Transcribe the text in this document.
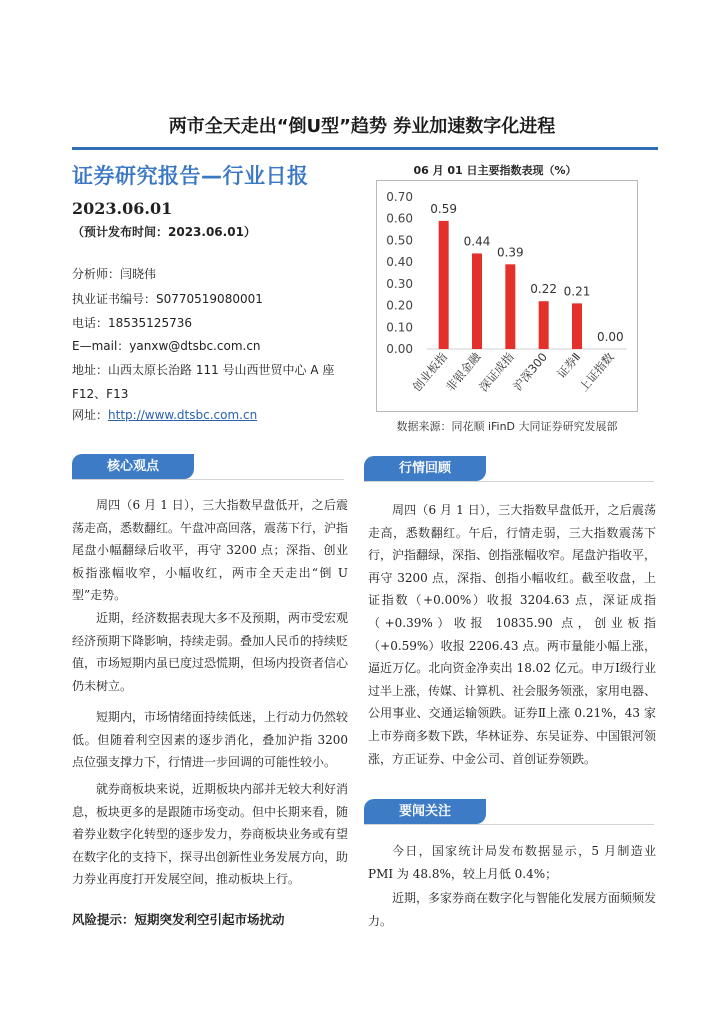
两市全天走出“倒U型”趋势 券业加速数字化进程
证券研究报告—行业日报
2023.06.01
（预计发布时间：2023.06.01）
分析师：闫晓伟
执业证书编号：S0770519080001
电话：18535125736
E—mail：yanxw@dtsbc.com.cn
地址：山西太原长治路 111 号山西世贸中心 A 座
F12、F13
网址：http://www.dtsbc.com.cn
06 月 01 日主要指数表现（%）
0.70
0.60
0.50
0.40
0.30
0.20
0.10
0.00
0.59
创业板指
0.44
非银金融
0.39
深证成指
0.22
沪深300
0.21
证券Ⅱ
0.00
上证指数
数据来源：同花顺 iFinD 大同证券研究发展部
核心观点
周四（6 月 1 日），三大指数早盘低开，之后震荡走高，悉数翻红。午盘冲高回落，震荡下行，沪指尾盘小幅翻绿后收平，再守 3200 点；深指、创业板指涨幅收窄，小幅收红，两市全天走出“倒 U 型”走势。
近期，经济数据表现大多不及预期，两市受宏观经济预期下降影响，持续走弱。叠加人民币的持续贬值，市场短期内虽已度过恐慌期，但场内投资者信心仍未树立。
短期内，市场情绪面持续低迷，上行动力仍然较低。但随着利空因素的逐步消化，叠加沪指 3200 点位强支撑力下，行情进一步回调的可能性较小。
就券商板块来说，近期板块内部并无较大利好消息，板块更多的是跟随市场变动。但中长期来看，随着券业数字化转型的逐步发力，券商板块业务或有望在数字化的支持下，探寻出创新性业务发展方向，助力券业再度打开发展空间，推动板块上行。
风险提示：短期突发利空引起市场扰动
行情回顾
周四（6 月 1 日），三大指数早盘低开，之后震荡走高，悉数翻红。午后，行情走弱，三大指数震荡下行，沪指翻绿，深指、创指涨幅收窄。尾盘沪指收平，再守 3200 点，深指、创指小幅收红。截至收盘，上证指数（+0.00%）收报 3204.63 点，深证成指（+0.39%）收报 10835.90 点，创业板指（+0.59%）收报 2206.43 点。两市量能小幅上涨，逼近万亿。北向资金净卖出 18.02 亿元。申万Ⅰ级行业过半上涨，传媒、计算机、社会服务领涨，家用电器、公用事业、交通运输领跌。证券Ⅱ上涨 0.21%，43 家上市券商多数下跌，华林证券、东吴证券、中国银河领涨，方正证券、中金公司、首创证券领跌。
要闻关注
今日，国家统计局发布数据显示，5 月制造业 PMI 为 48.8%，较上月低 0.4%；
近期，多家券商在数字化与智能化发展方面频频发力。
